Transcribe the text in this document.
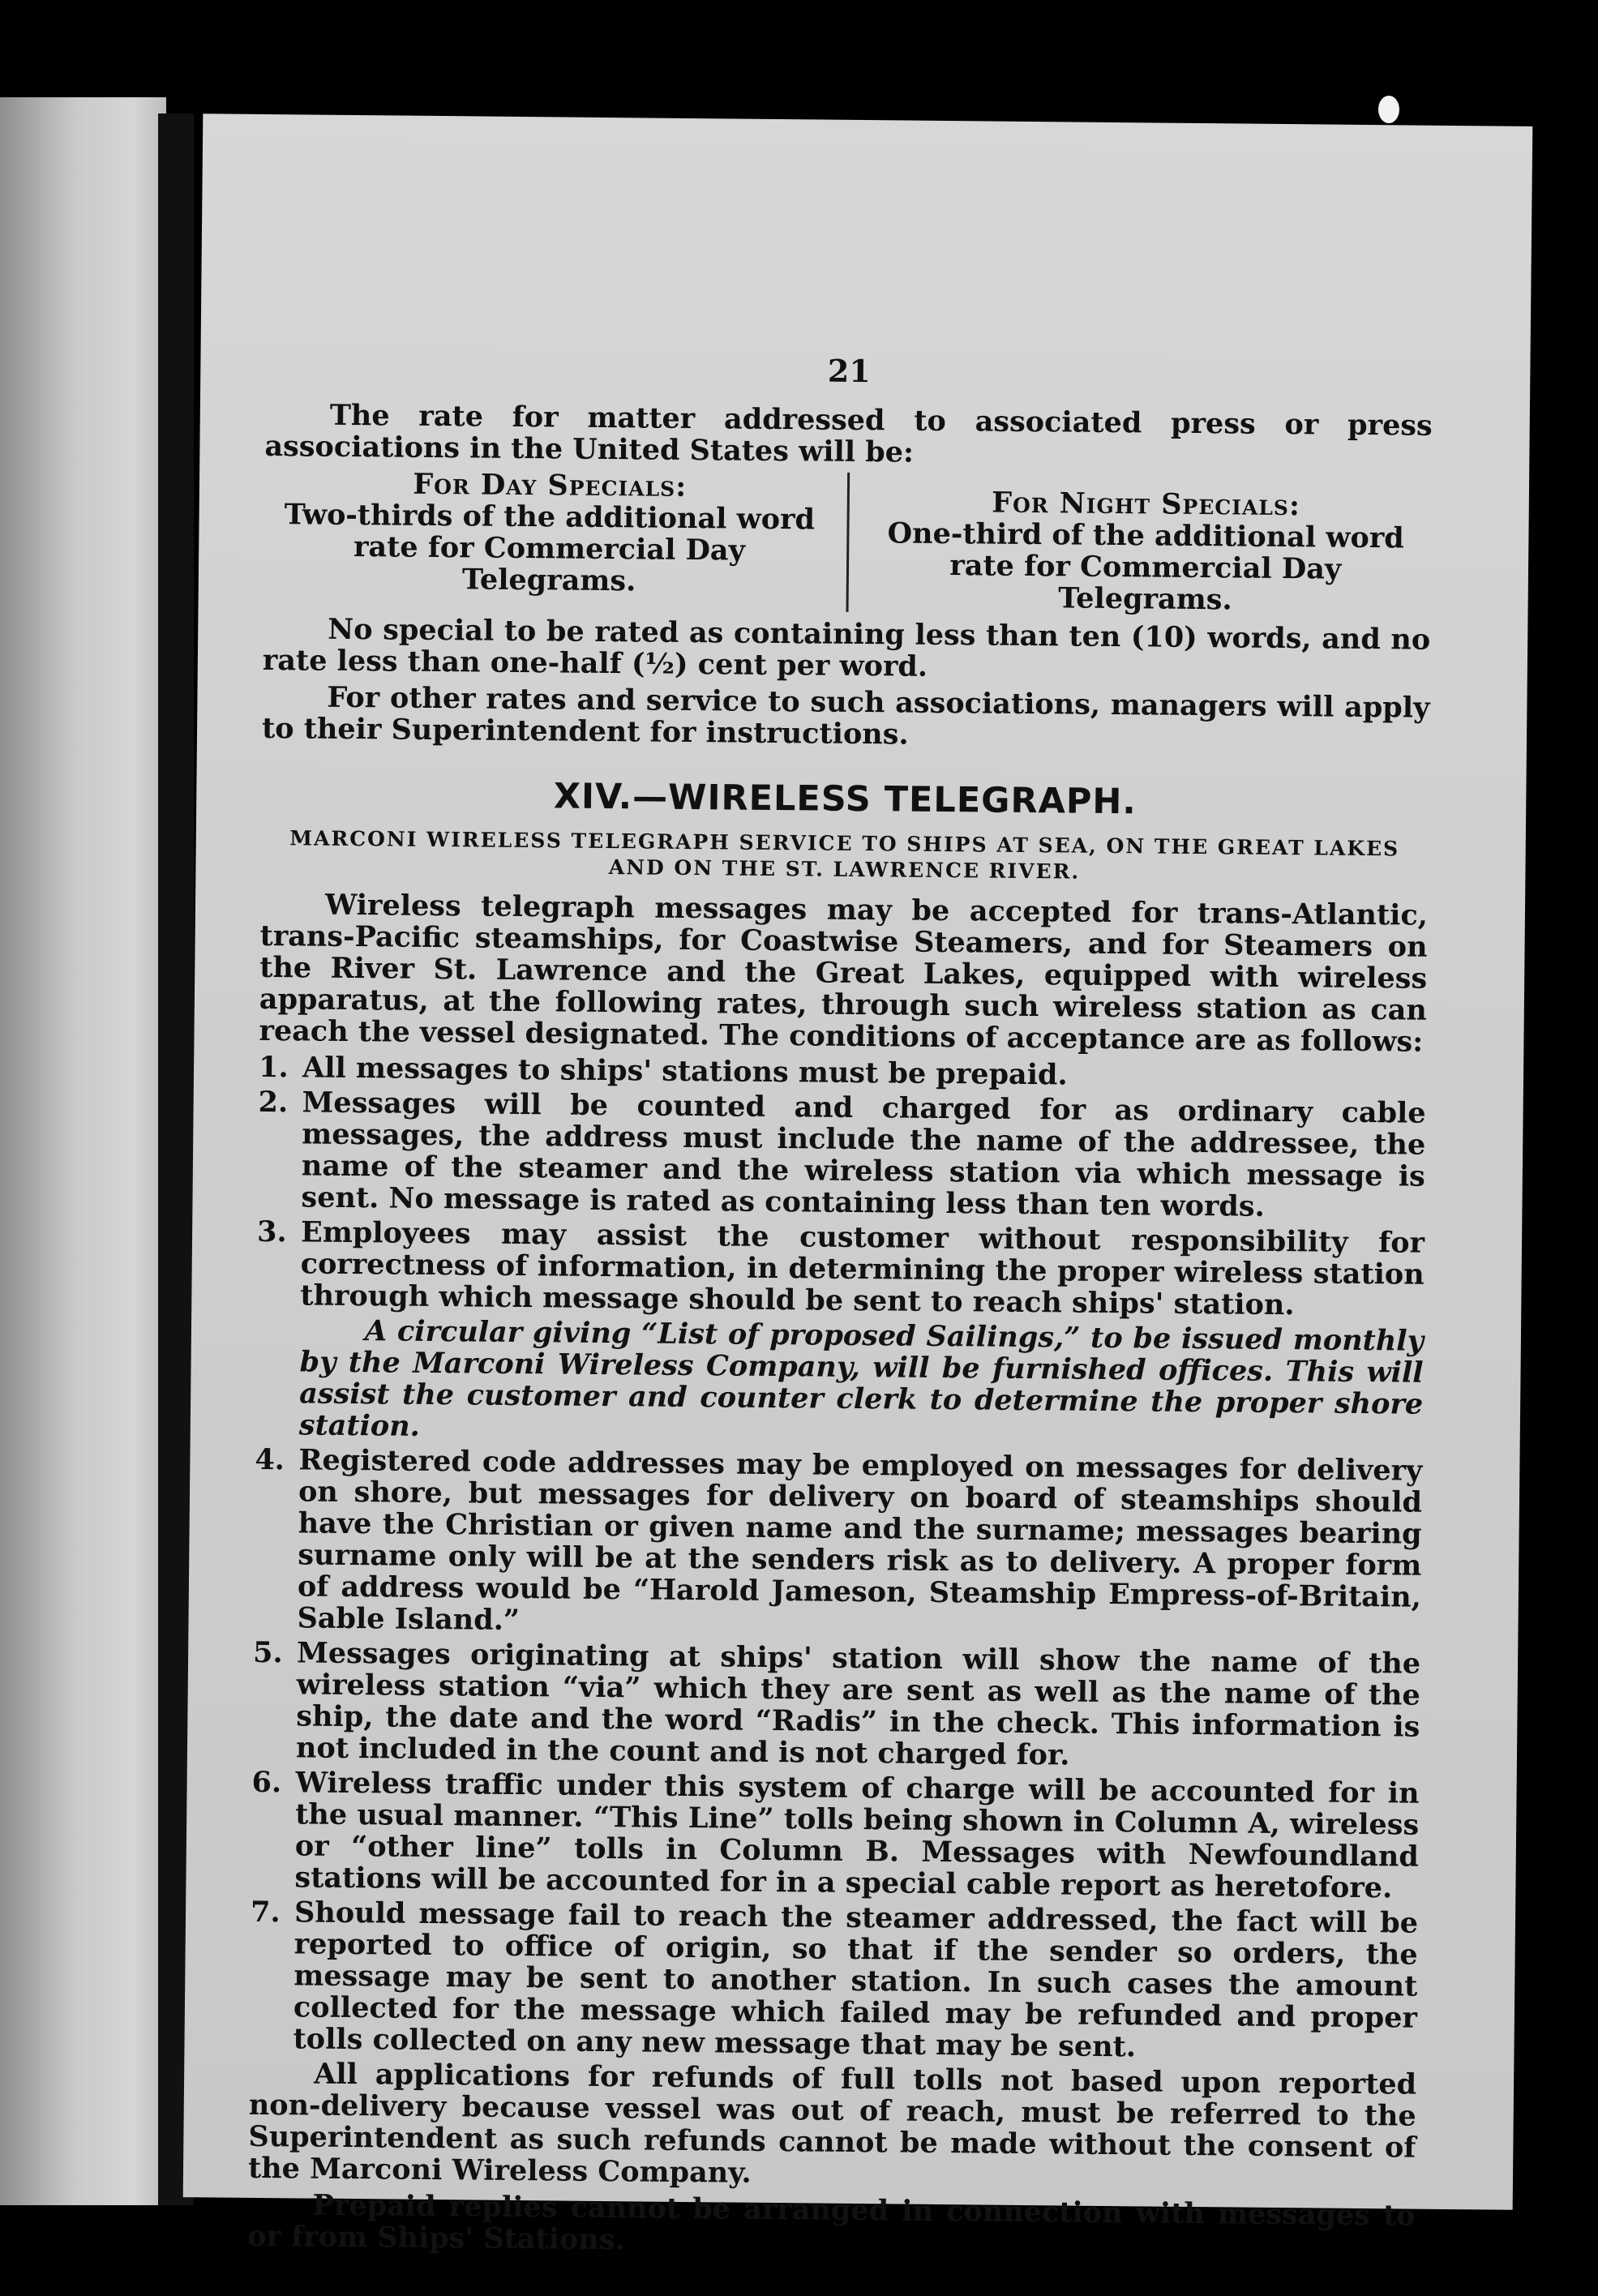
21

The rate for matter addressed to associated press or press associations in the United States will be:

For Day Specials:
Two-thirds of the additional word rate for Commercial Day Telegrams.
For Night Specials:
One-third of the additional word rate for Commercial Day Telegrams.

No special to be rated as containing less than ten (10) words, and no rate less than one-half (½) cent per word.

For other rates and service to such associations, managers will apply to their Superintendent for instructions.

XIV.—WIRELESS TELEGRAPH.
MARCONI WIRELESS TELEGRAPH SERVICE TO SHIPS AT SEA, ON THE GREAT LAKES AND ON THE ST. LAWRENCE RIVER.

Wireless telegraph messages may be accepted for trans-Atlantic, trans-Pacific steamships, for Coastwise Steamers, and for Steamers on the River St. Lawrence and the Great Lakes, equipped with wireless apparatus, at the following rates, through such wireless station as can reach the vessel designated. The conditions of acceptance are as follows:

1. All messages to ships' stations must be prepaid.
2. Messages will be counted and charged for as ordinary cable messages, the address must include the name of the addressee, the name of the steamer and the wireless station via which message is sent. No message is rated as containing less than ten words.
3. Employees may assist the customer without responsibility for correctness of information, in determining the proper wireless station through which message should be sent to reach ships' station.

A circular giving “List of proposed Sailings,” to be issued monthly by the Marconi Wireless Company, will be furnished offices. This will assist the customer and counter clerk to determine the proper shore station.

4. Registered code addresses may be employed on messages for delivery on shore, but messages for delivery on board of steamships should have the Christian or given name and the surname; messages bearing surname only will be at the senders risk as to delivery. A proper form of address would be “Harold Jameson, Steamship Empress-of-Britain, Sable Island.”
5. Messages originating at ships' station will show the name of the wireless station “via” which they are sent as well as the name of the ship, the date and the word “Radis” in the check. This information is not included in the count and is not charged for.
6. Wireless traffic under this system of charge will be accounted for in the usual manner. “This Line” tolls being shown in Column A, wireless or “other line” tolls in Column B. Messages with Newfoundland stations will be accounted for in a special cable report as heretofore.
7. Should message fail to reach the steamer addressed, the fact will be reported to office of origin, so that if the sender so orders, the message may be sent to another station. In such cases the amount collected for the message which failed may be refunded and proper tolls collected on any new message that may be sent.

All applications for refunds of full tolls not based upon reported non-delivery because vessel was out of reach, must be referred to the Superintendent as such refunds cannot be made without the consent of the Marconi Wireless Company.

Prepaid replies cannot be arranged in connection with messages to or from Ships' Stations.
